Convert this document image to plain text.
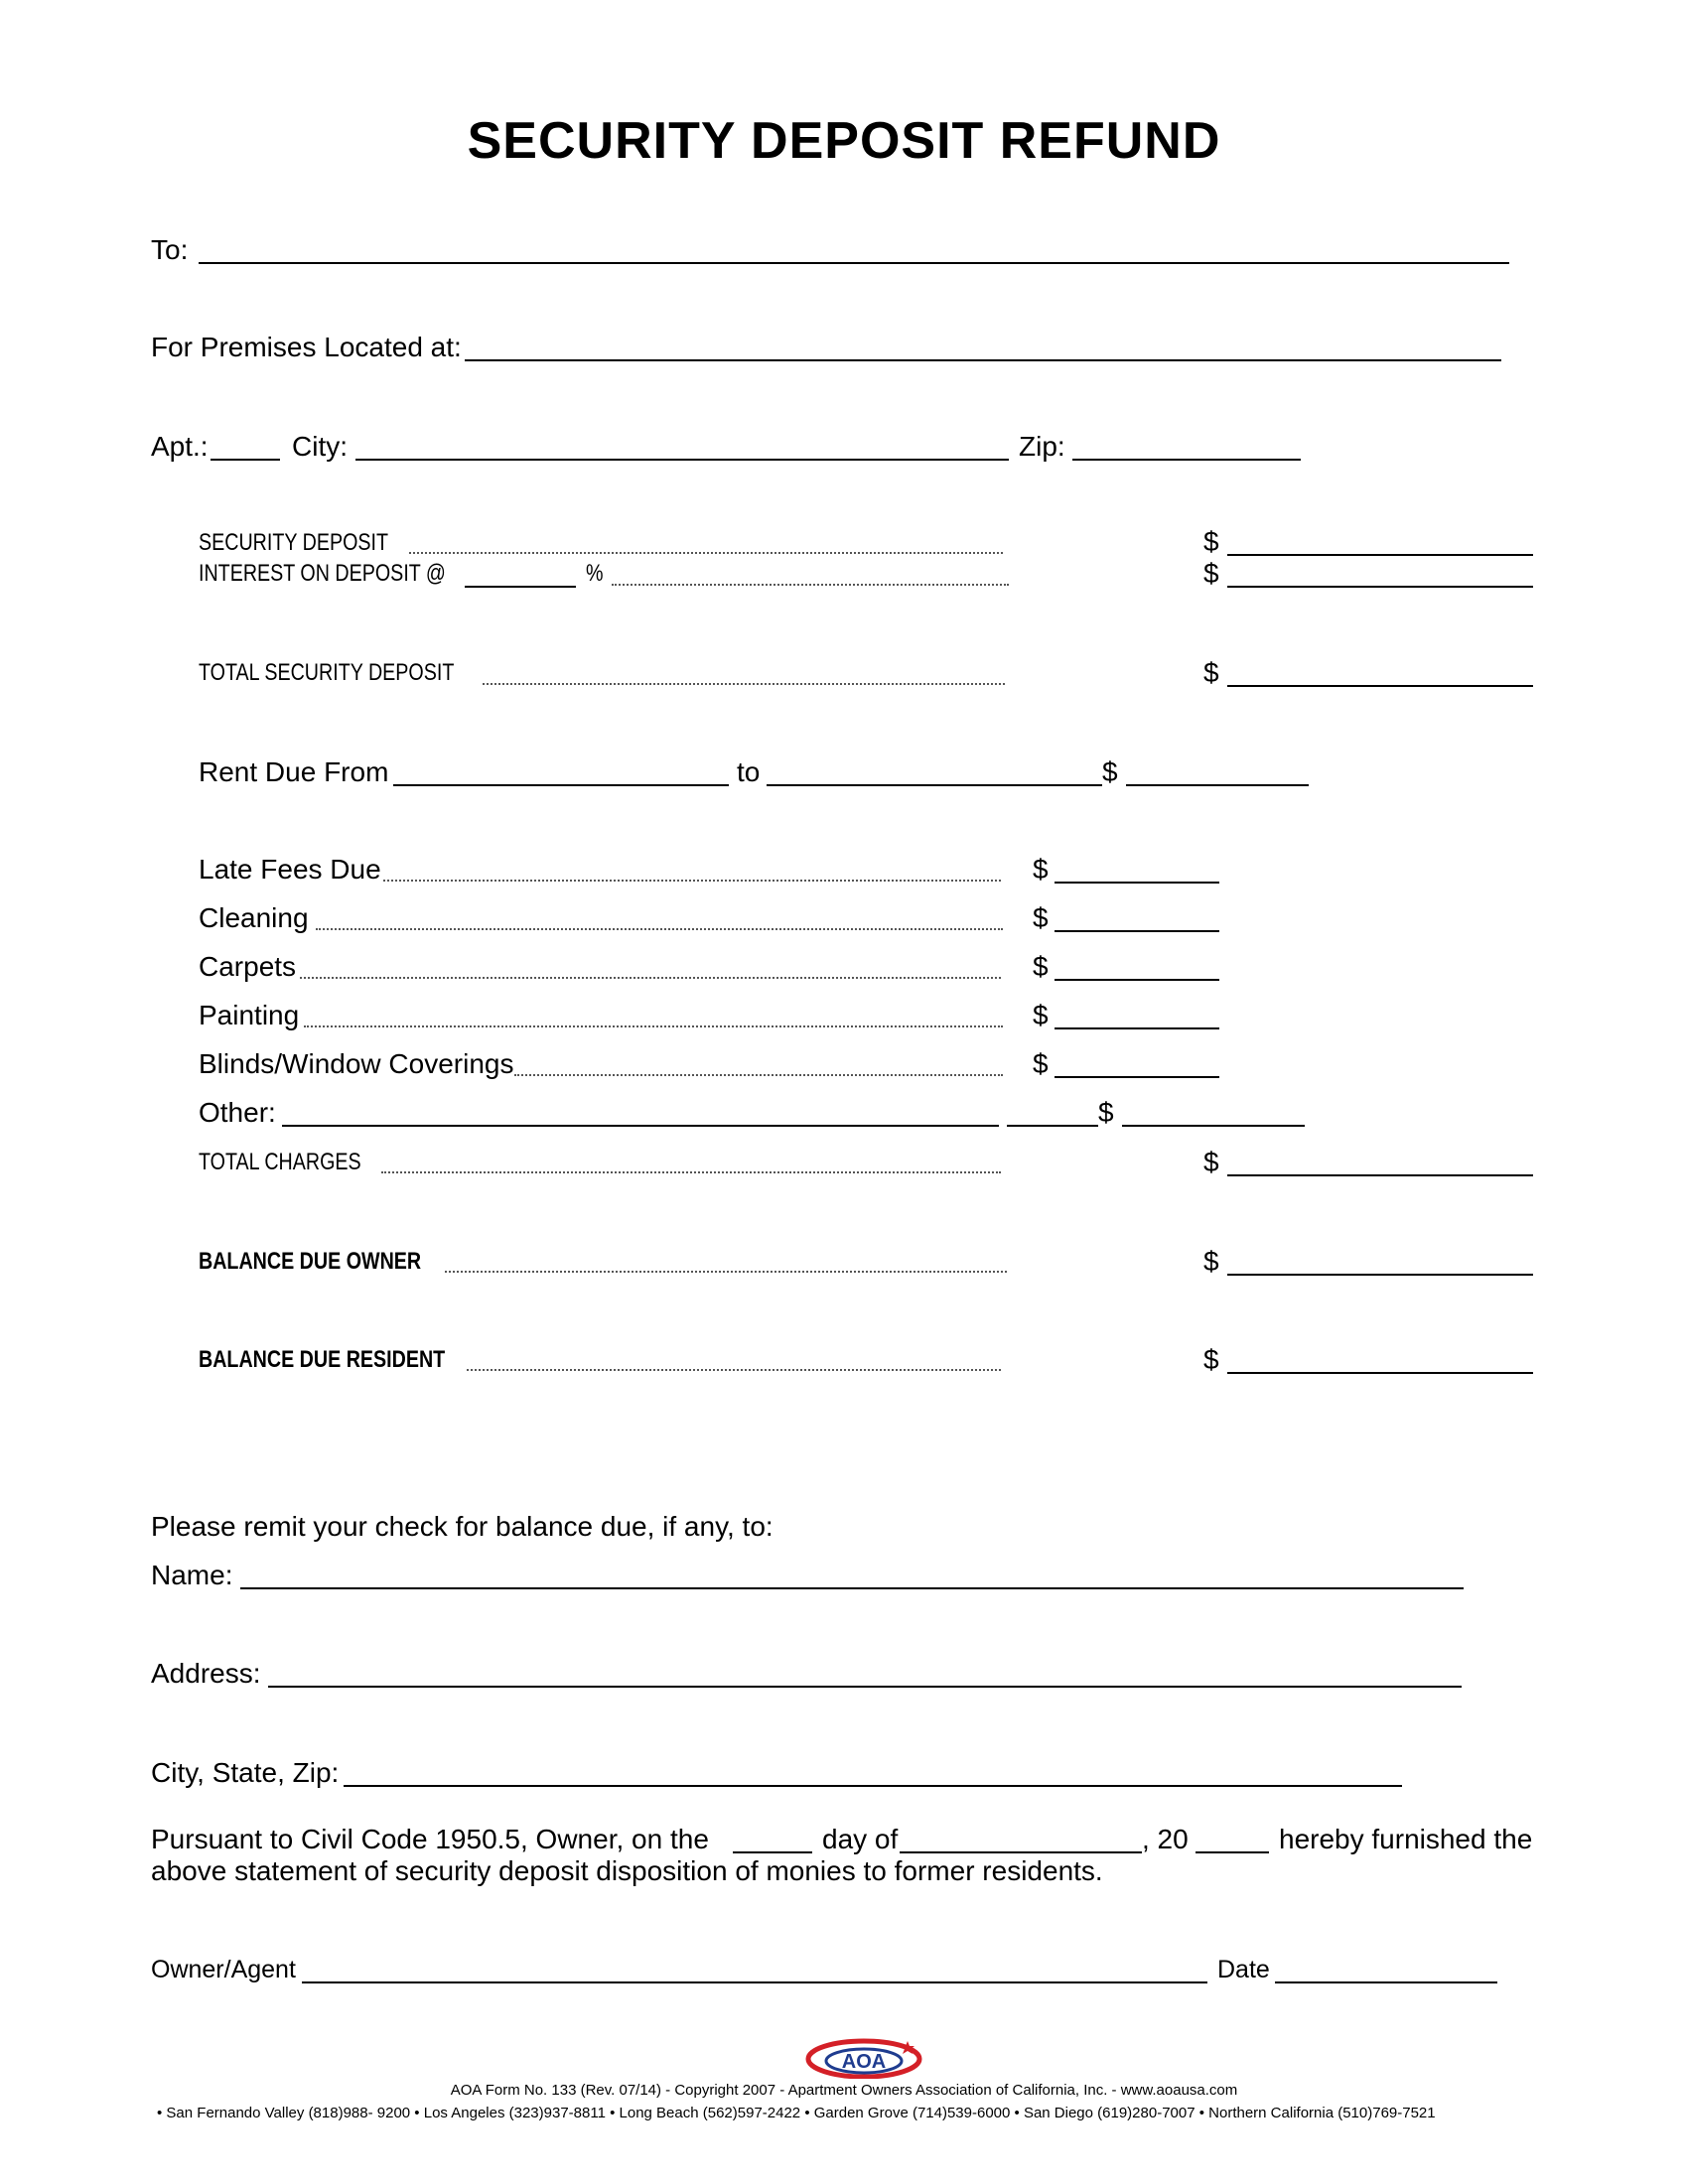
SECURITY DEPOSIT REFUND
To:
For Premises Located at:
Apt.:	City:	Zip:
SECURITY DEPOSIT	$
INTEREST ON DEPOSIT @	%	$
TOTAL SECURITY DEPOSIT	$
Rent Due From	to	$
Late Fees Due	$
Cleaning	$
Carpets	$
Painting	$
Blinds/Window Coverings	$
Other:	$
TOTAL CHARGES	$
BALANCE DUE OWNER	$
BALANCE DUE RESIDENT	$
Please remit your check for balance due, if any, to:
Name:
Address:
City, State, Zip:
Pursuant to Civil Code 1950.5, Owner, on the	day of	, 20	hereby furnished the
above statement of security deposit disposition of monies to former residents.
Owner/Agent	Date
AOA
AOA Form No. 133 (Rev. 07/14) - Copyright 2007 - Apartment Owners Association of California, Inc. - www.aoausa.com
• San Fernando Valley (818)988- 9200 • Los Angeles (323)937-8811 • Long Beach (562)597-2422 • Garden Grove (714)539-6000 • San Diego (619)280-7007 • Northern California (510)769-7521
